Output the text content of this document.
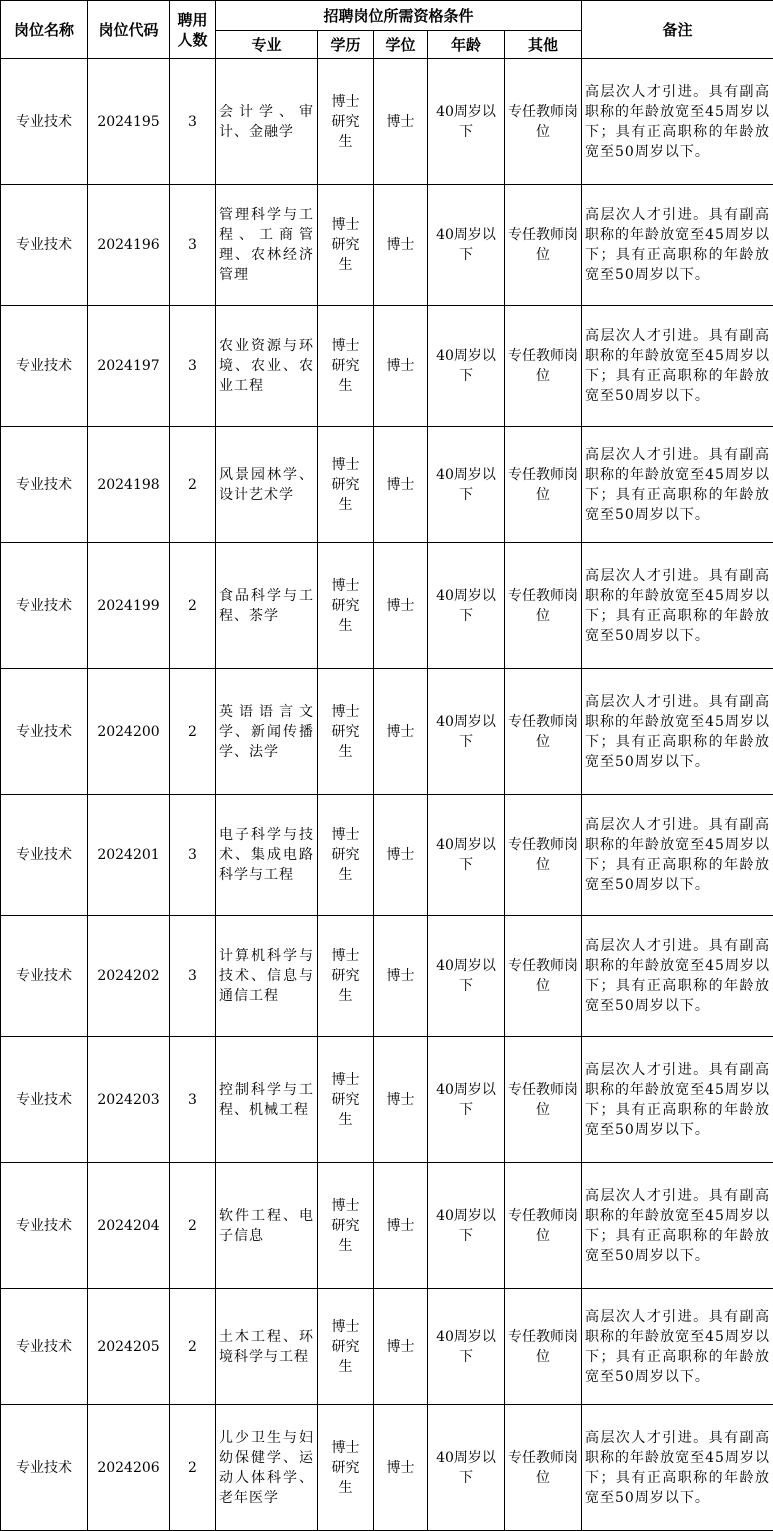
岗位名称	岗位代码	聘用人数	招聘岗位所需资格条件					备注
			专业	学历	学位	年龄	其他	
专业技术	2024195	3	会计学、审计、金融学	博士研究生	博士	40周岁以下	专任教师岗位	高层次人才引进。具有副高职称的年龄放宽至45周岁以下；具有正高职称的年龄放宽至50周岁以下。
专业技术	2024196	3	管理科学与工程、工商管理、农林经济管理	博士研究生	博士	40周岁以下	专任教师岗位	高层次人才引进。具有副高职称的年龄放宽至45周岁以下；具有正高职称的年龄放宽至50周岁以下。
专业技术	2024197	3	农业资源与环境、农业、农业工程	博士研究生	博士	40周岁以下	专任教师岗位	高层次人才引进。具有副高职称的年龄放宽至45周岁以下；具有正高职称的年龄放宽至50周岁以下。
专业技术	2024198	2	风景园林学、设计艺术学	博士研究生	博士	40周岁以下	专任教师岗位	高层次人才引进。具有副高职称的年龄放宽至45周岁以下；具有正高职称的年龄放宽至50周岁以下。
专业技术	2024199	2	食品科学与工程、茶学	博士研究生	博士	40周岁以下	专任教师岗位	高层次人才引进。具有副高职称的年龄放宽至45周岁以下；具有正高职称的年龄放宽至50周岁以下。
专业技术	2024200	2	英语语言文学、新闻传播学、法学	博士研究生	博士	40周岁以下	专任教师岗位	高层次人才引进。具有副高职称的年龄放宽至45周岁以下；具有正高职称的年龄放宽至50周岁以下。
专业技术	2024201	3	电子科学与技术、集成电路科学与工程	博士研究生	博士	40周岁以下	专任教师岗位	高层次人才引进。具有副高职称的年龄放宽至45周岁以下；具有正高职称的年龄放宽至50周岁以下。
专业技术	2024202	3	计算机科学与技术、信息与通信工程	博士研究生	博士	40周岁以下	专任教师岗位	高层次人才引进。具有副高职称的年龄放宽至45周岁以下；具有正高职称的年龄放宽至50周岁以下。
专业技术	2024203	3	控制科学与工程、机械工程	博士研究生	博士	40周岁以下	专任教师岗位	高层次人才引进。具有副高职称的年龄放宽至45周岁以下；具有正高职称的年龄放宽至50周岁以下。
专业技术	2024204	2	软件工程、电子信息	博士研究生	博士	40周岁以下	专任教师岗位	高层次人才引进。具有副高职称的年龄放宽至45周岁以下；具有正高职称的年龄放宽至50周岁以下。
专业技术	2024205	2	土木工程、环境科学与工程	博士研究生	博士	40周岁以下	专任教师岗位	高层次人才引进。具有副高职称的年龄放宽至45周岁以下；具有正高职称的年龄放宽至50周岁以下。
专业技术	2024206	2	儿少卫生与妇幼保健学、运动人体科学、老年医学	博士研究生	博士	40周岁以下	专任教师岗位	高层次人才引进。具有副高职称的年龄放宽至45周岁以下；具有正高职称的年龄放宽至50周岁以下。
